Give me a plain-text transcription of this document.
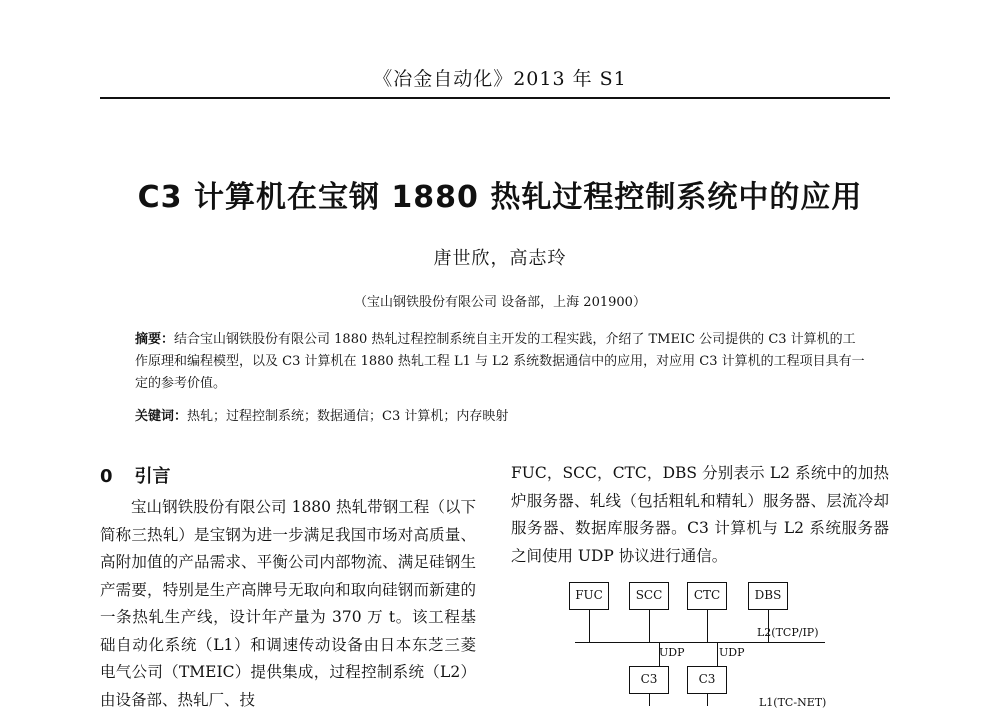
《冶金自动化》2013 年 S1
C3 计算机在宝钢 1880 热轧过程控制系统中的应用
唐世欣，高志玲
（宝山钢铁股份有限公司 设备部，上海 201900）
摘要：结合宝山钢铁股份有限公司 1880 热轧过程控制系统自主开发的工程实践，介绍了 TMEIC 公司提供的 C3 计算机的工作原理和编程模型，以及 C3 计算机在 1880 热轧工程 L1 与 L2 系统数据通信中的应用，对应用 C3 计算机的工程项目具有一定的参考价值。
关键词：热轧；过程控制系统；数据通信；C3 计算机；内存映射
0 引言
宝山钢铁股份有限公司 1880 热轧带钢工程（以下简称三热轧）是宝钢为进一步满足我国市场对高质量、高附加值的产品需求、平衡公司内部物流、满足硅钢生产需要，特别是生产高牌号无取向和取向硅钢而新建的一条热轧生产线，设计年产量为 370 万 t。该工程基础自动化系统（L1）和调速传动设备由日本东芝三菱电气公司（TMEIC）提供集成，过程控制系统（L2）由设备部、热轧厂、技
FUC，SCC，CTC，DBS 分别表示 L2 系统中的加热炉服务器、轧线（包括粗轧和精轧）服务器、层流冷却服务器、数据库服务器。C3 计算机与 L2 系统服务器之间使用 UDP 协议进行通信。
FUC	SCC	CTC	DBS
L2(TCP/IP)
UDP	UDP
C3	C3
L1(TC-NET)
